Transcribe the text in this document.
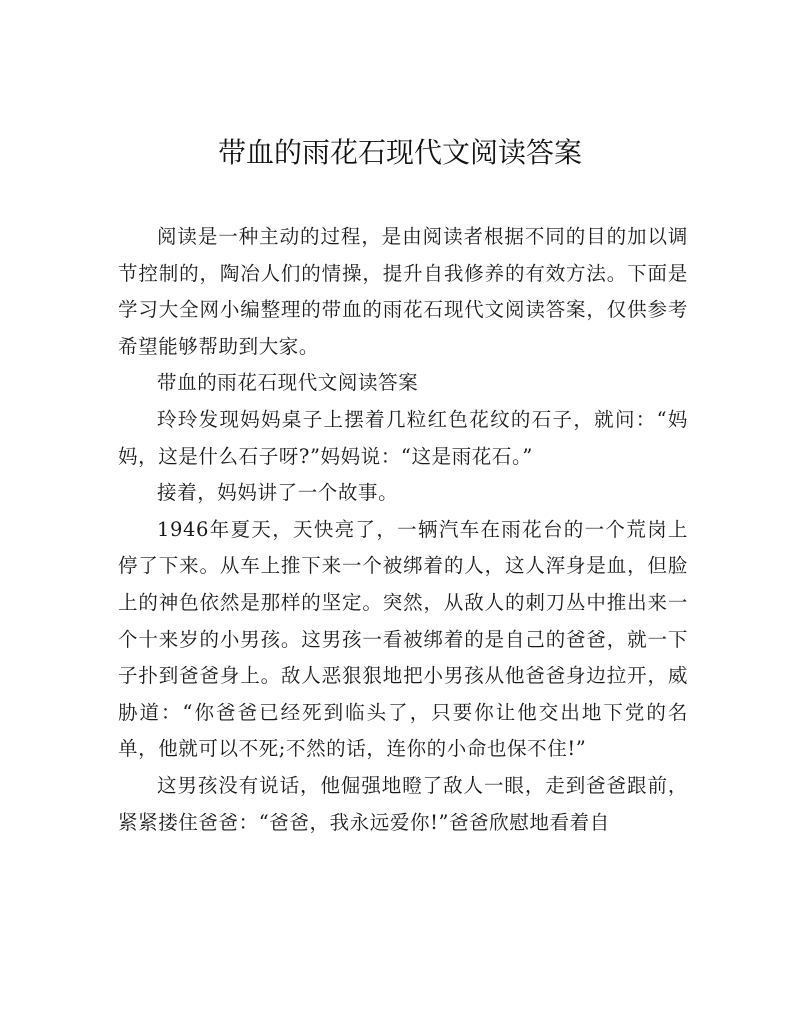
带血的雨花石现代文阅读答案

阅读是一种主动的过程，是由阅读者根据不同的目的加以调节控制的，陶冶人们的情操，提升自我修养的有效方法。下面是学习大全网小编整理的带血的雨花石现代文阅读答案，仅供参考希望能够帮助到大家。

带血的雨花石现代文阅读答案

玲玲发现妈妈桌子上摆着几粒红色花纹的石子，就问：“妈妈，这是什么石子呀?”妈妈说：“这是雨花石。”

接着，妈妈讲了一个故事。

1946年夏天，天快亮了，一辆汽车在雨花台的一个荒岗上停了下来。从车上推下来一个被绑着的人，这人浑身是血，但脸上的神色依然是那样的坚定。突然，从敌人的刺刀丛中推出来一个十来岁的小男孩。这男孩一看被绑着的是自己的爸爸，就一下子扑到爸爸身上。敌人恶狠狠地把小男孩从他爸爸身边拉开，威胁道：“你爸爸已经死到临头了，只要你让他交出地下党的名单，他就可以不死;不然的话，连你的小命也保不住!”

这男孩没有说话，他倔强地瞪了敌人一眼，走到爸爸跟前，紧紧搂住爸爸：“爸爸，我永远爱你!”爸爸欣慰地看着自
